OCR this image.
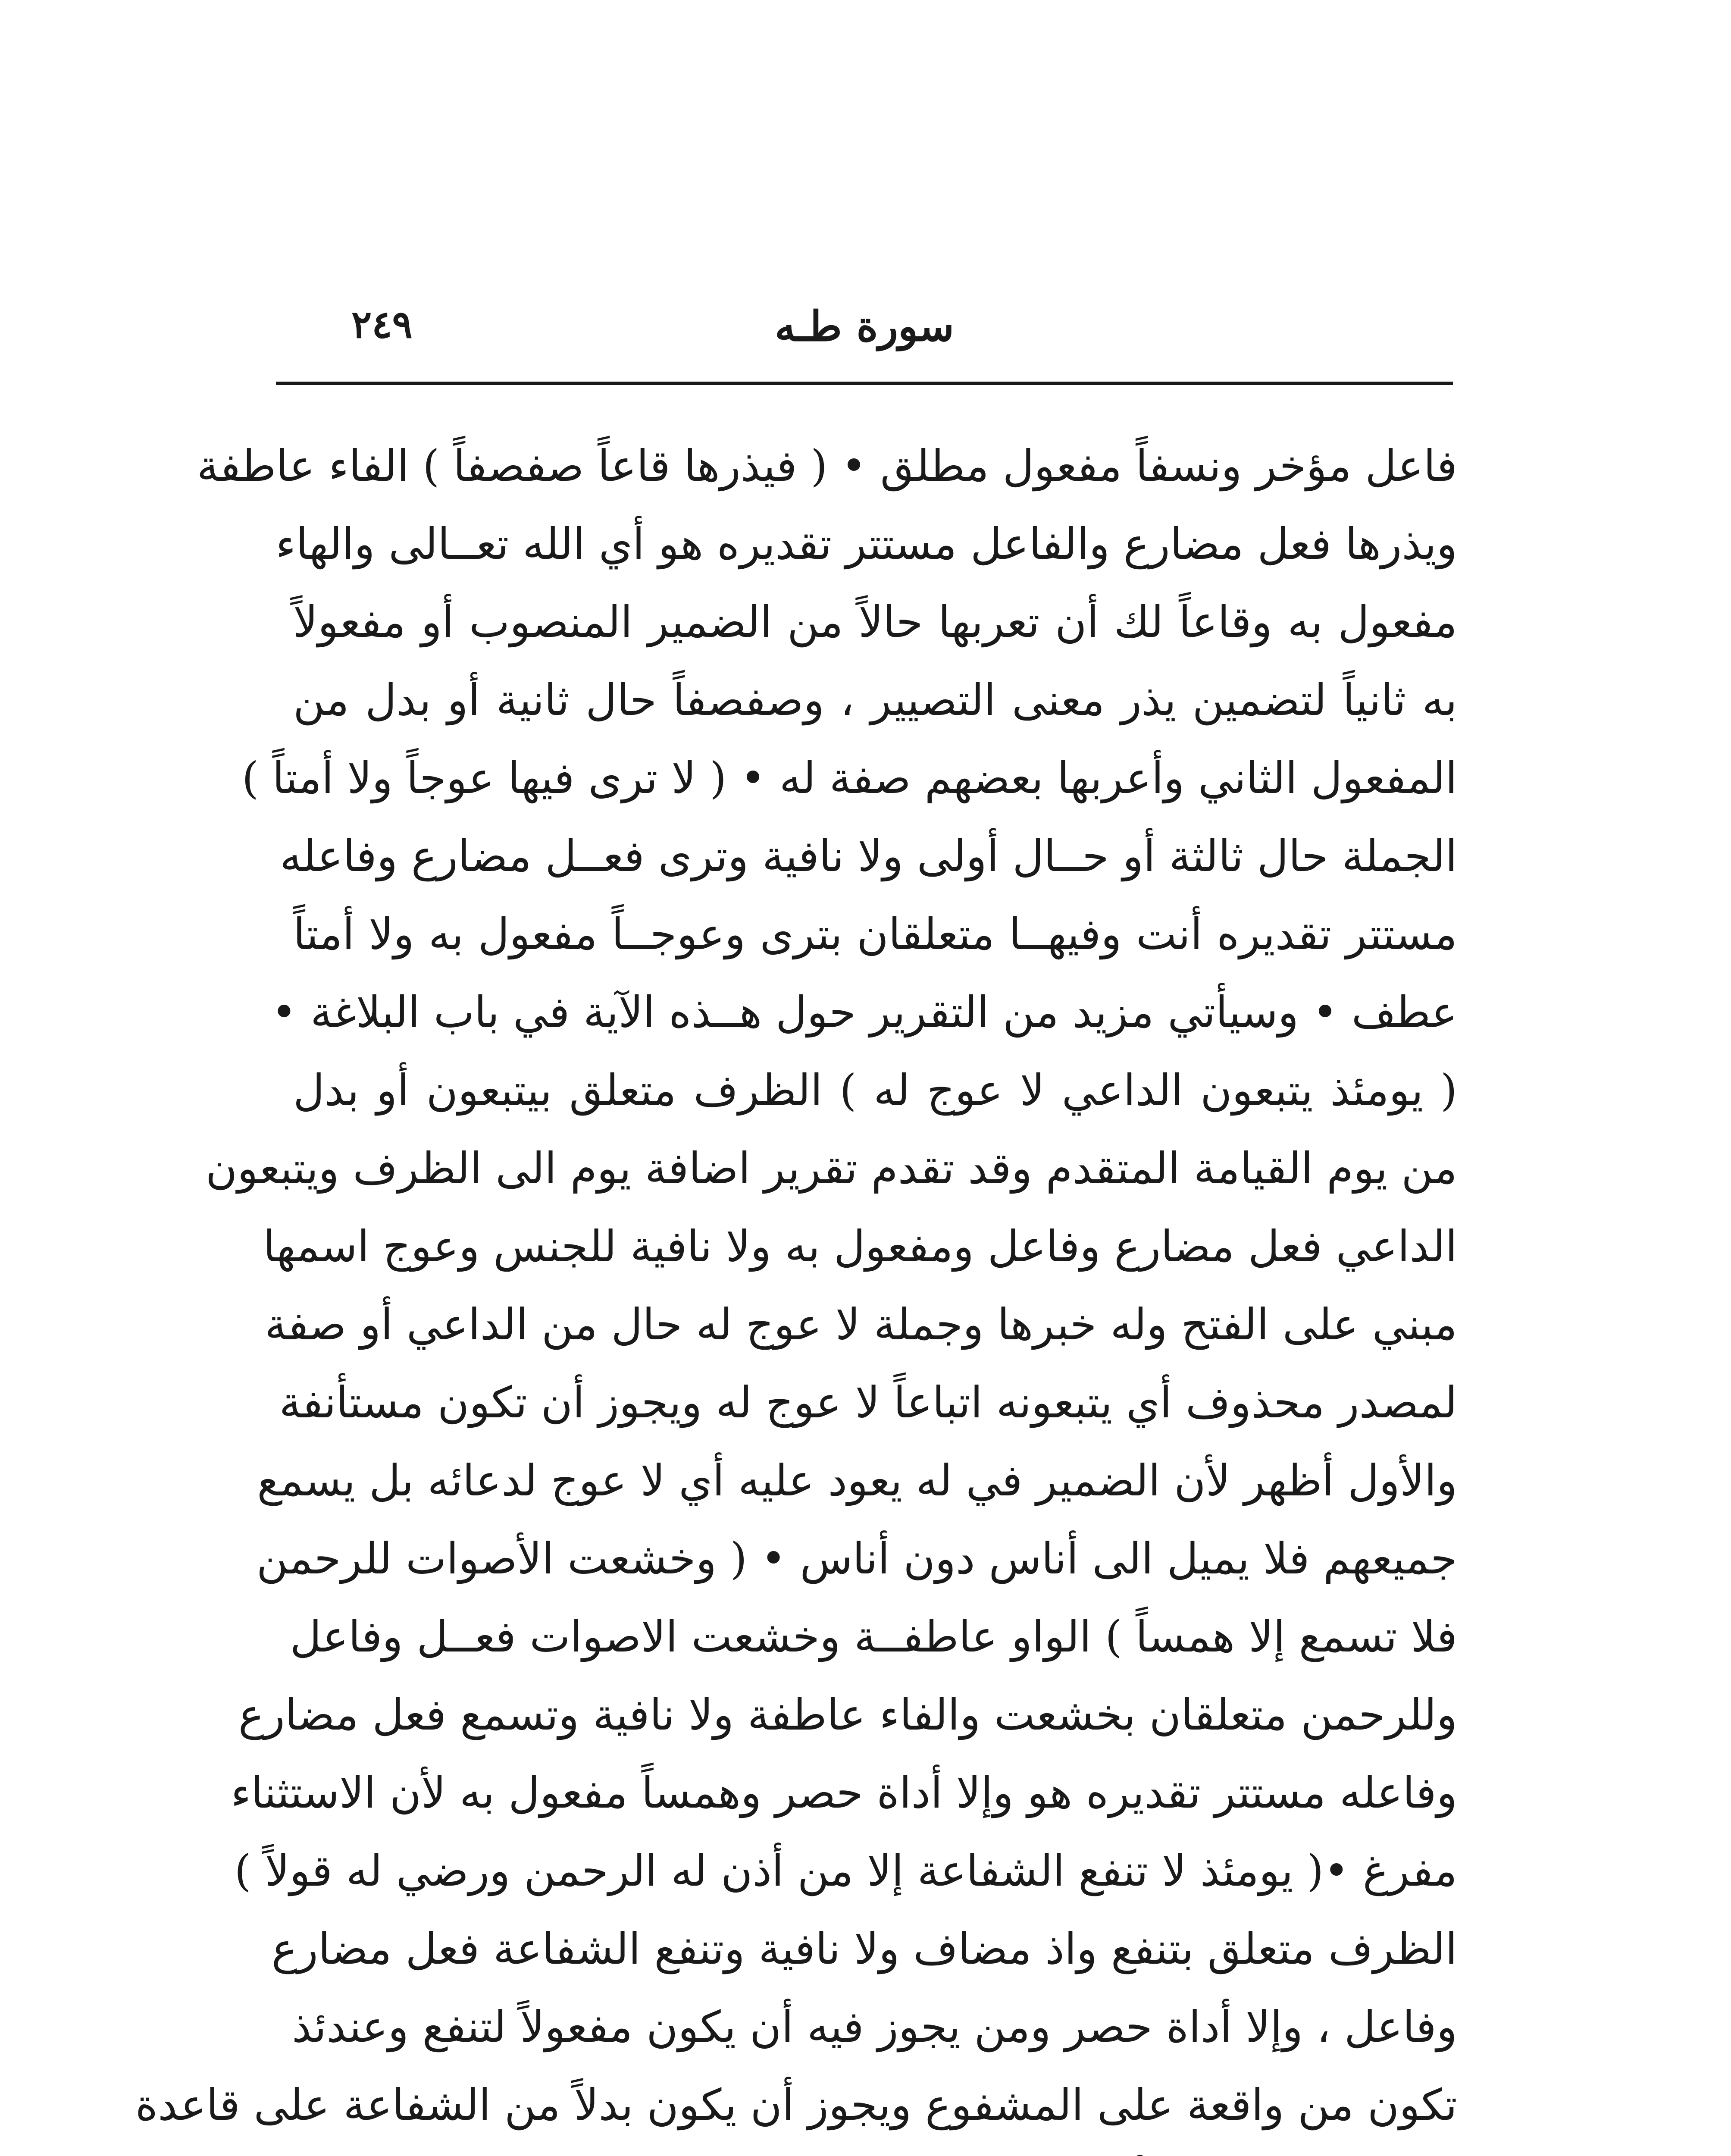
٢٤٩	سورة طـه
فاعل مؤخر ونسفاً مفعول مطلق • ( فيذرها قاعاً صفصفاً ) الفاء عاطفة
ويذرها فعل مضارع والفاعل مستتر تقديره هو أي الله تعــالى والهاء
مفعول به وقاعاً لك أن تعربها حالاً من الضمير المنصوب أو مفعولاً
به ثانياً لتضمين يذر معنى التصيير ، وصفصفاً حال ثانية أو بدل من
المفعول الثاني وأعربها بعضهم صفة له • ( لا ترى فيها عوجاً ولا أمتاً )
الجملة حال ثالثة أو حــال أولى ولا نافية وترى فعــل مضارع وفاعله
مستتر تقديره أنت وفيهــا متعلقان بترى وعوجــاً مفعول به ولا أمتاً
عطف • وسيأتي مزيد من التقرير حول هــذه الآية في باب البلاغة •
( يومئذ يتبعون الداعي لا عوج له ) الظرف متعلق بيتبعون أو بدل
من يوم القيامة المتقدم وقد تقدم تقرير اضافة يوم الى الظرف ويتبعون
الداعي فعل مضارع وفاعل ومفعول به ولا نافية للجنس وعوج اسمها
مبني على الفتح وله خبرها وجملة لا عوج له حال من الداعي أو صفة
لمصدر محذوف أي يتبعونه اتباعاً لا عوج له ويجوز أن تكون مستأنفة
والأول أظهر لأن الضمير في له يعود عليه أي لا عوج لدعائه بل يسمع
جميعهم فلا يميل الى أناس دون أناس • ( وخشعت الأصوات للرحمن
فلا تسمع إلا همساً ) الواو عاطفــة وخشعت الاصوات فعــل وفاعل
وللرحمن متعلقان بخشعت والفاء عاطفة ولا نافية وتسمع فعل مضارع
وفاعله مستتر تقديره هو وإلا أداة حصر وهمساً مفعول به لأن الاستثناء
مفرغ •( يومئذ لا تنفع الشفاعة إلا من أذن له الرحمن ورضي له قولاً )
الظرف متعلق بتنفع واذ مضاف ولا نافية وتنفع الشفاعة فعل مضارع
وفاعل ، وإلا أداة حصر ومن يجوز فيه أن يكون مفعولاً لتنفع وعندئذ
تكون من واقعة على المشفوع ويجوز أن يكون بدلاً من الشفاعة على قاعدة
